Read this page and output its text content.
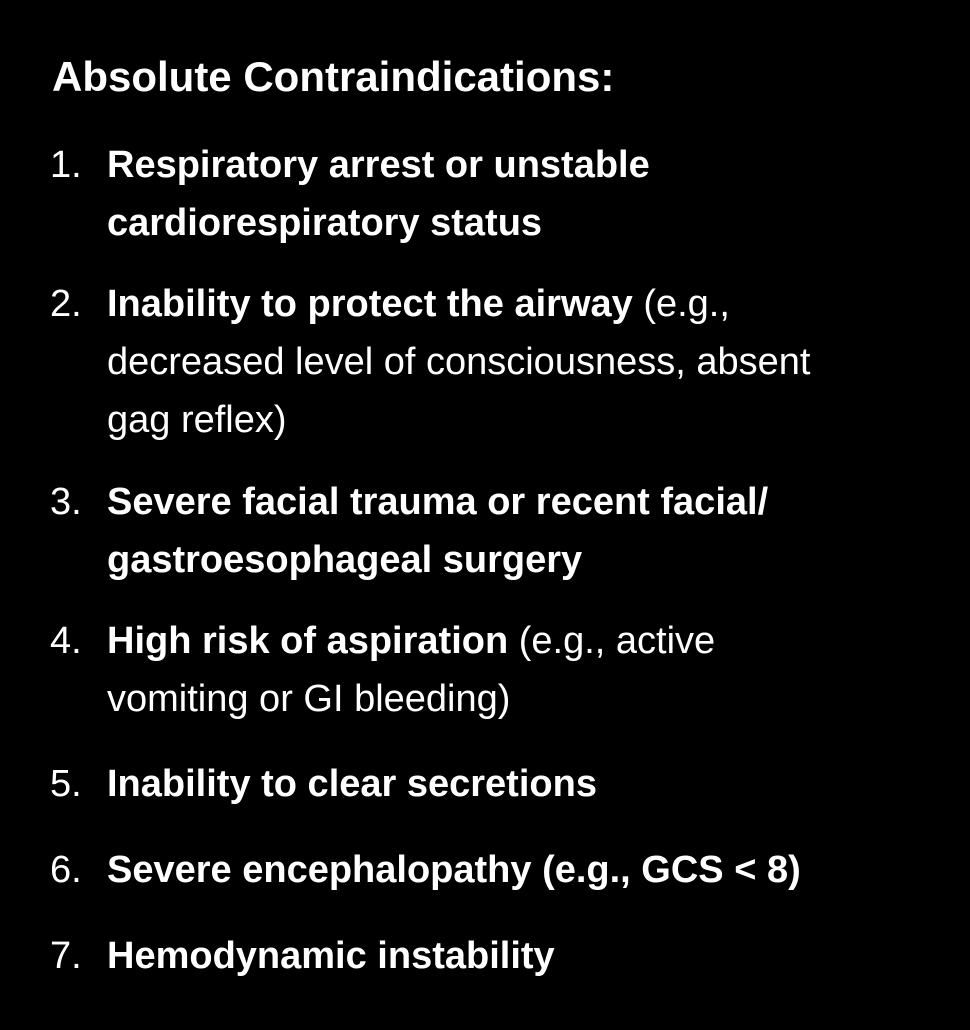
Absolute Contraindications:
1. Respiratory arrest or unstable
cardiorespiratory status

2. Inability to protect the airway (e.g.,
decreased level of consciousness, absent
gag reflex)

3. Severe facial trauma or recent facial/
gastroesophageal surgery

4. High risk of aspiration (e.g., active
vomiting or GI bleeding)

5. Inability to clear secretions

6. Severe encephalopathy (e.g., GCS < 8)

7. Hemodynamic instability
